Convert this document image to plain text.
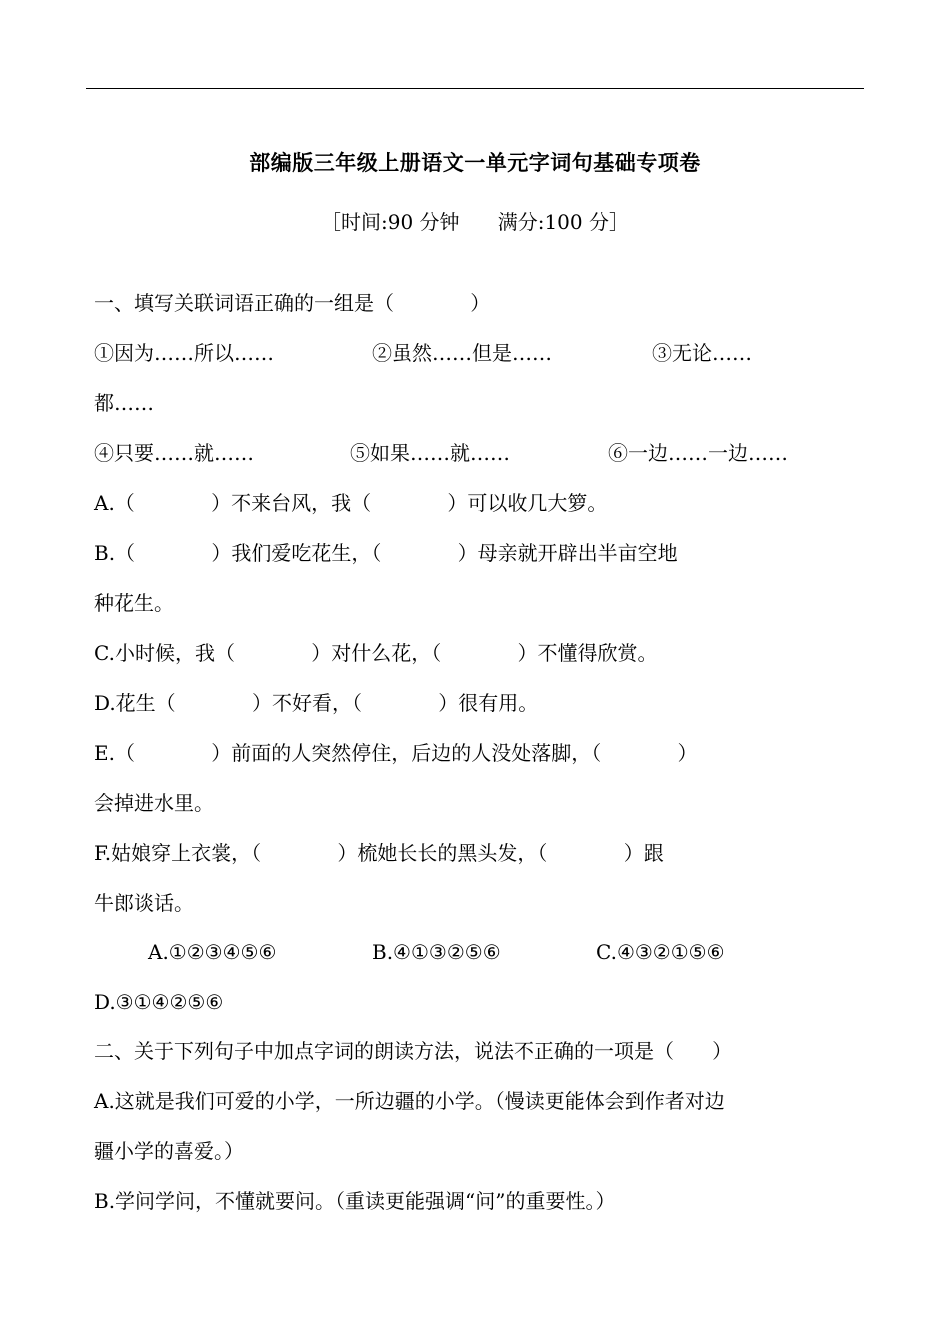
部编版三年级上册语文一单元字词句基础专项卷
［时间:90 分钟      满分:100 分］
一、填写关联词语正确的一组是（            ）
①因为……所以……	②虽然……但是……	③无论……
都……
④只要……就……	⑤如果……就……	⑥一边……一边……
A.（            ）不来台风，我（            ）可以收几大箩。
B.（            ）我们爱吃花生，（            ）母亲就开辟出半亩空地
种花生。
C.小时候，我（            ）对什么花，（            ）不懂得欣赏。
D.花生（            ）不好看，（            ）很有用。
E.（            ）前面的人突然停住，后边的人没处落脚，（            ）
会掉进水里。
F.姑娘穿上衣裳，（            ）梳她长长的黑头发，（            ）跟
牛郎谈话。
A.①②③④⑤⑥	B.④①③②⑤⑥	C.④③②①⑤⑥
D.③①④②⑤⑥
二、关于下列句子中加点字词的朗读方法，说法不正确的一项是（      ）
A.这就是我们可爱的小学，一所边疆的小学。（慢读更能体会到作者对边
疆小学的喜爱。）
B.学问学问，不懂就要问。（重读更能强调“问”的重要性。）
